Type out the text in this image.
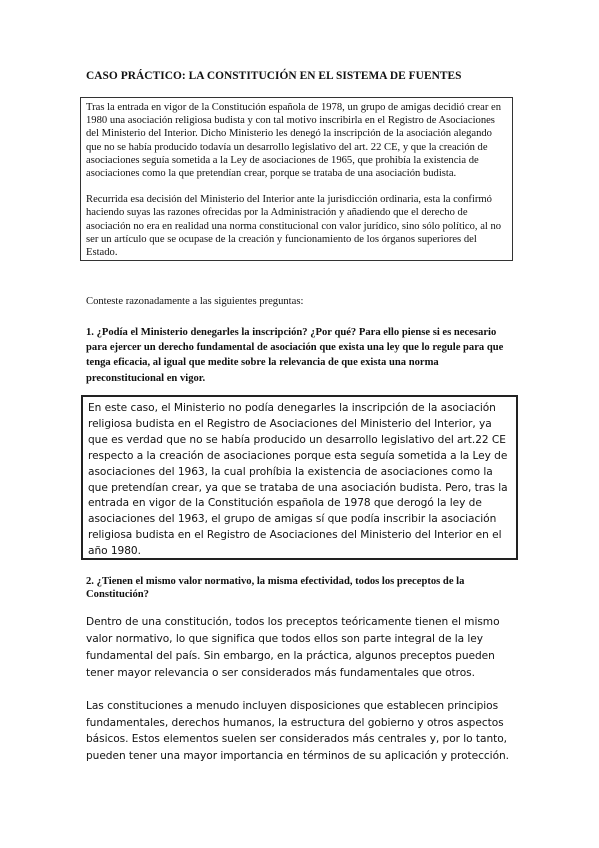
CASO PRÁCTICO: LA CONSTITUCIÓN EN EL SISTEMA DE FUENTES

Tras la entrada en vigor de la Constitución española de 1978, un grupo de amigas decidió crear en 1980 una asociación religiosa budista y con tal motivo inscribirla en el Registro de Asociaciones del Ministerio del Interior. Dicho Ministerio les denegó la inscripción de la asociación alegando que no se había producido todavía un desarrollo legislativo del art. 22 CE, y que la creación de asociaciones seguía sometida a la Ley de asociaciones de 1965, que prohibía la existencia de asociaciones como la que pretendían crear, porque se trataba de una asociación budista.

Recurrida esa decisión del Ministerio del Interior ante la jurisdicción ordinaria, esta la confirmó haciendo suyas las razones ofrecidas por la Administración y añadiendo que el derecho de asociación no era en realidad una norma constitucional con valor jurídico, sino sólo político, al no ser un artículo que se ocupase de la creación y funcionamiento de los órganos superiores del Estado.

Conteste razonadamente a las siguientes preguntas:
1. ¿Podía el Ministerio denegarles la inscripción? ¿Por qué? Para ello piense si es necesario para ejercer un derecho fundamental de asociación que exista una ley que lo regule para que tenga eficacia, al igual que medite sobre la relevancia de que exista una norma preconstitucional en vigor.

En este caso, el Ministerio no podía denegarles la inscripción de la asociación religiosa budista en el Registro de Asociaciones del Ministerio del Interior, ya que es verdad que no se había producido un desarrollo legislativo del art.22 CE respecto a la creación de asociaciones porque esta seguía sometida a la Ley de asociaciones del 1963, la cual prohíbia la existencia de asociaciones como la que pretendían crear, ya que se trataba de una asociación budista. Pero, tras la entrada en vigor de la Constitución española de 1978 que derogó la ley de asociaciones del 1963, el grupo de amigas sí que podía inscribir la asociación religiosa budista en el Registro de Asociaciones del Ministerio del Interior en el año 1980.

2. ¿Tienen el mismo valor normativo, la misma efectividad, todos los preceptos de la Constitución?

Dentro de una constitución, todos los preceptos teóricamente tienen el mismo valor normativo, lo que significa que todos ellos son parte integral de la ley fundamental del país. Sin embargo, en la práctica, algunos preceptos pueden tener mayor relevancia o ser considerados más fundamentales que otros.

Las constituciones a menudo incluyen disposiciones que establecen principios fundamentales, derechos humanos, la estructura del gobierno y otros aspectos básicos. Estos elementos suelen ser considerados más centrales y, por lo tanto, pueden tener una mayor importancia en términos de su aplicación y protección.
